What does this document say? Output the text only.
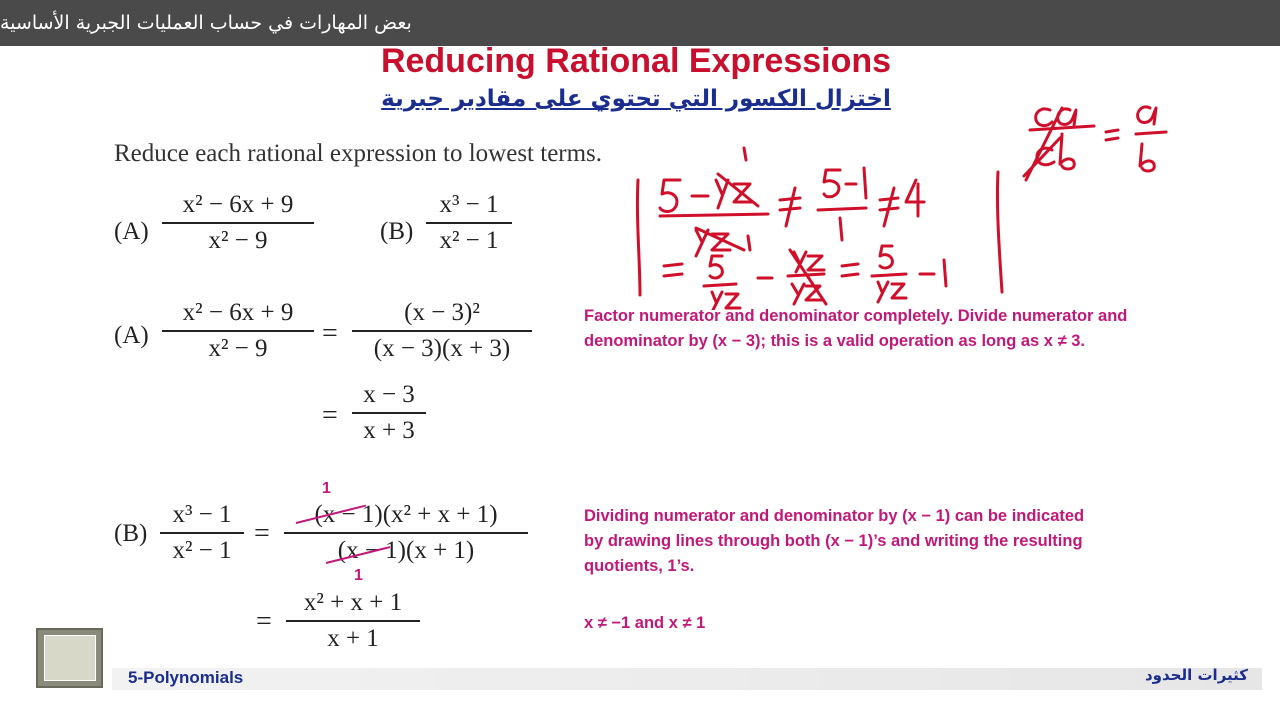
بعض المهارات في حساب العمليات الجبرية الأساسية
Reducing Rational Expressions
اختزال الكسور التي تحتوي على مقادير جبرية
Reduce each rational expression to lowest terms.
(A)
x² − 6x + 9
x² − 9	(B)
x³ − 1
x² − 1
(A)
x² − 6x + 9
x² − 9 =
(x − 3)²
(x − 3)(x + 3)
=
x − 3
x + 3
Factor numerator and denominator completely. Divide numerator and denominator by (x − 3); this is a valid operation as long as x ≠ 3.
(B)
x³ − 1
x² − 1
=
(x − 1)(x² + x + 1)
(x − 1)(x + 1)
1
1
=
x² + x + 1
x + 1
Dividing numerator and denominator by (x − 1) can be indicated by drawing lines through both (x − 1)’s and writing the resulting quotients, 1’s.
x ≠ −1 and x ≠ 1
5-Polynomials	كثيرات الحدود
